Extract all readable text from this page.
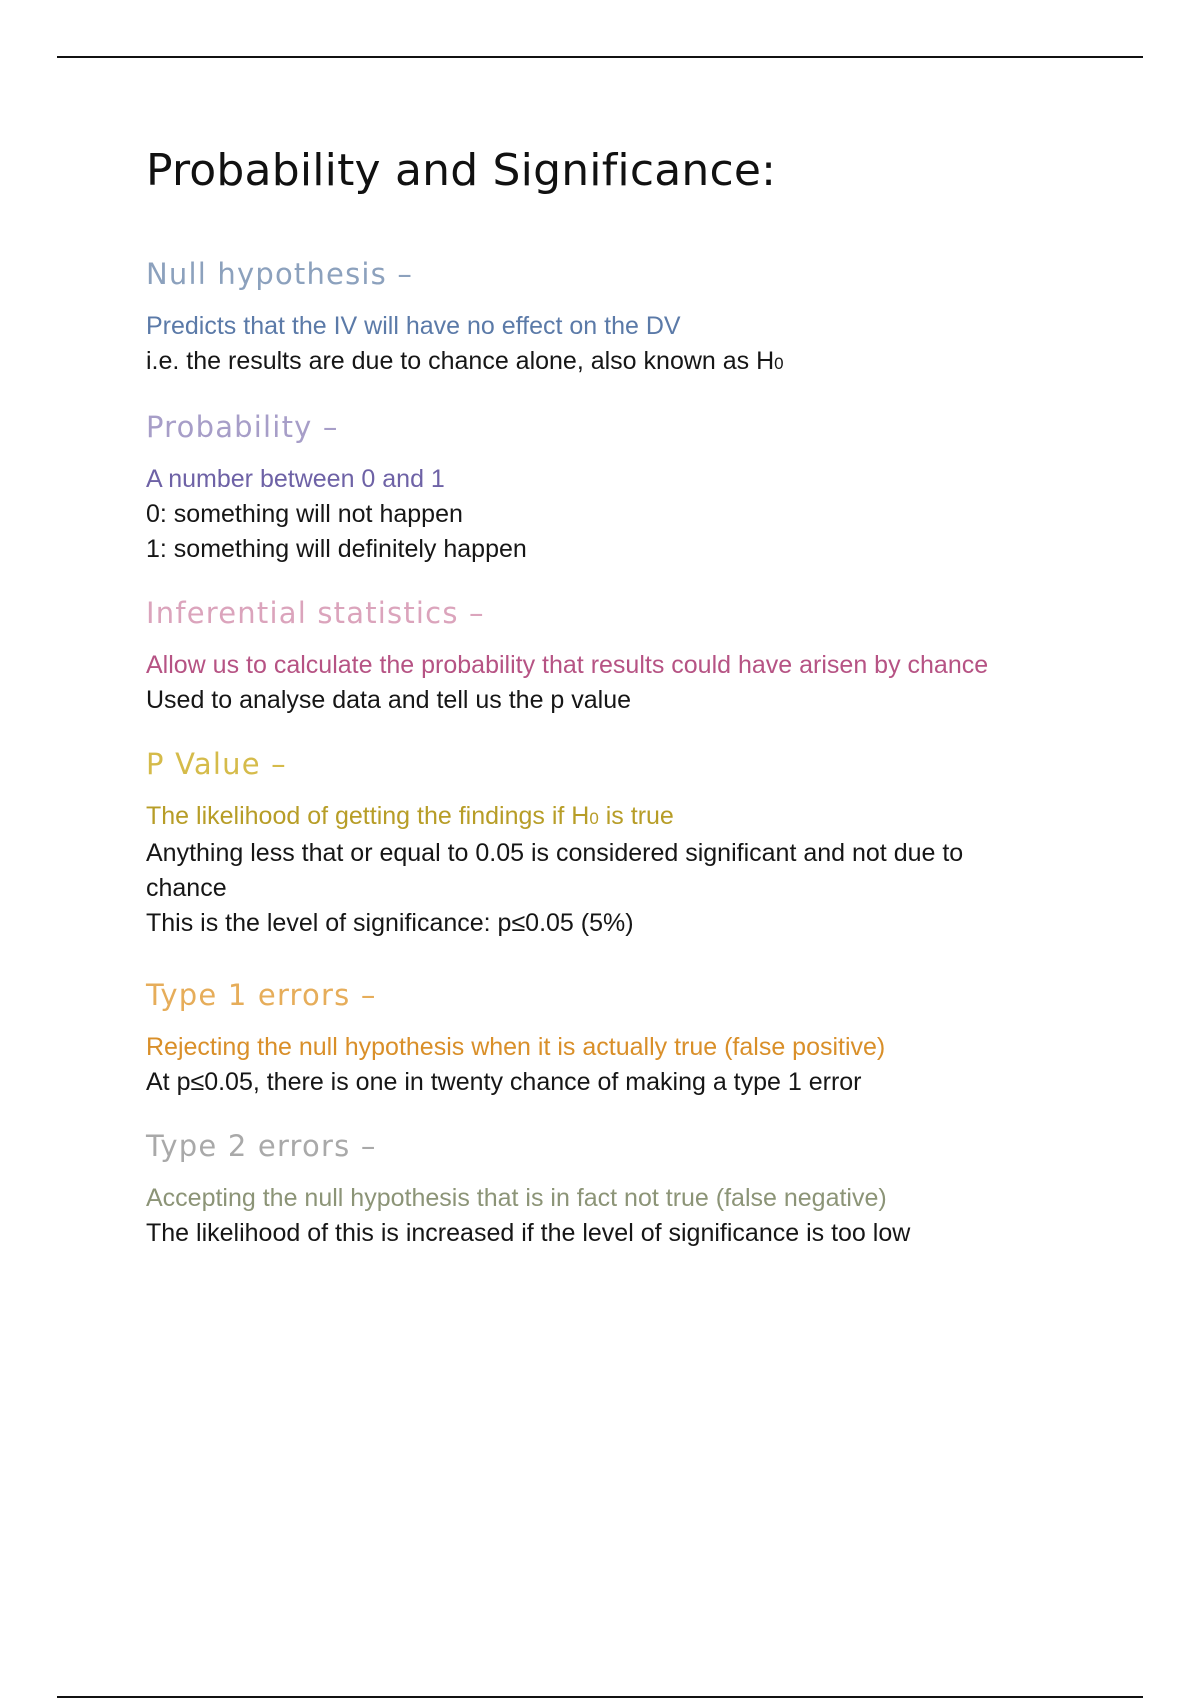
Probability and Significance:
Null hypothesis –

Predicts that the IV will have no effect on the DV

i.e. the results are due to chance alone, also known as H0

Probability –

A number between 0 and 1

0: something will not happen

1: something will definitely happen

Inferential statistics –

Allow us to calculate the probability that results could have arisen by chance

Used to analyse data and tell us the p value

P Value –

The likelihood of getting the findings if H0 is true

Anything less that or equal to 0.05 is considered significant and not due to

chance

This is the level of significance: p≤0.05 (5%)

Type 1 errors –

Rejecting the null hypothesis when it is actually true (false positive)

At p≤0.05, there is one in twenty chance of making a type 1 error

Type 2 errors –

Accepting the null hypothesis that is in fact not true (false negative)

The likelihood of this is increased if the level of significance is too low
